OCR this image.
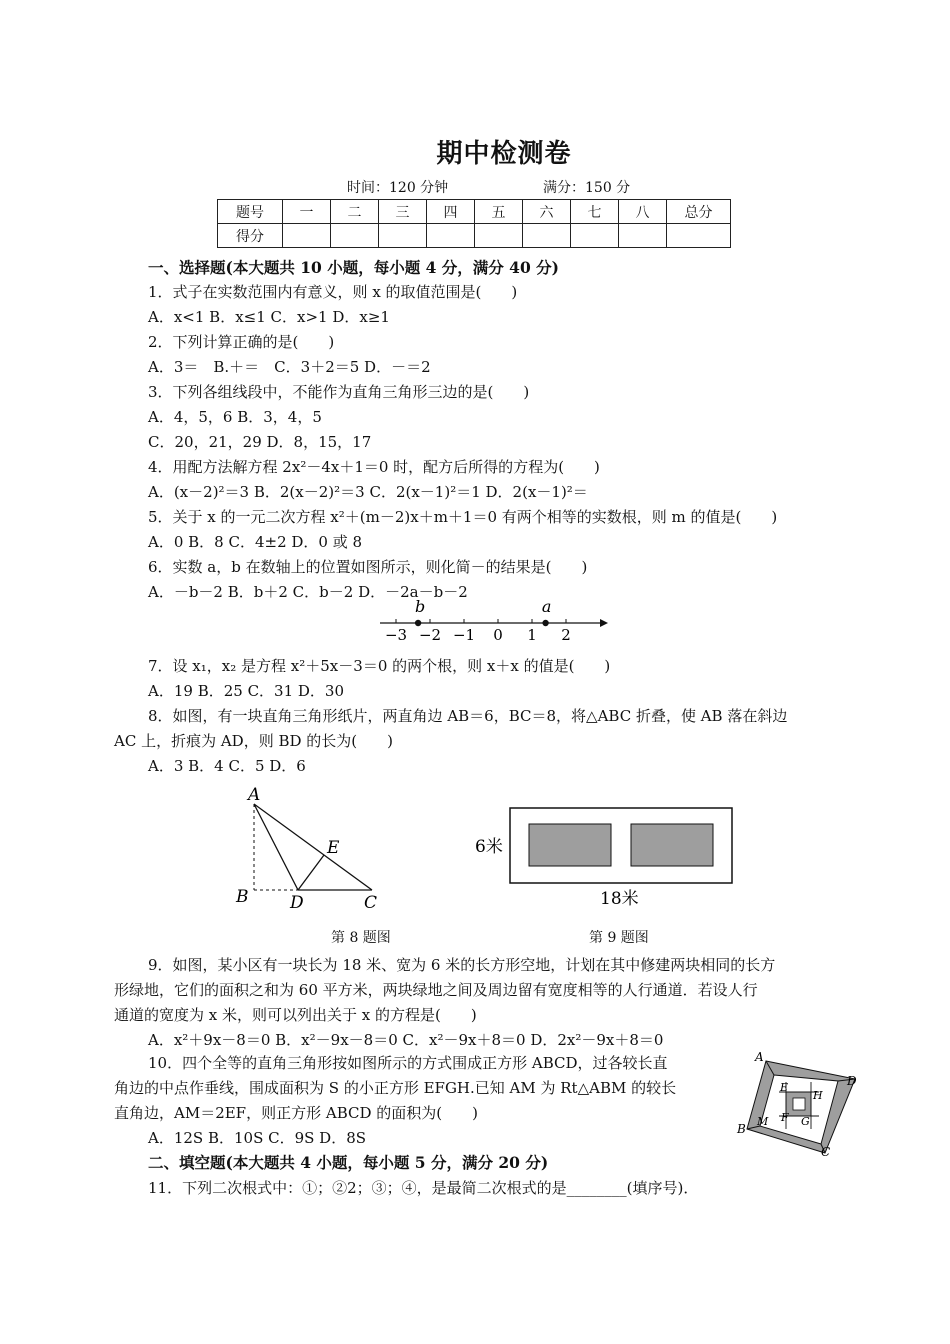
期中检测卷
时间：120 分钟	满分：150 分
题号	一	二	三	四	五	六	七	八	总分
得分									
一、选择题(本大题共 10 小题，每小题 4 分，满分 40 分)
1．式子在实数范围内有意义，则 x 的取值范围是(　　)
A．x<1 B．x≤1 C．x>1 D．x≥1
2．下列计算正确的是(　　)
A．3＝　B.＋＝　C．3＋2＝5 D．－＝2
3．下列各组线段中，不能作为直角三角形三边的是(　　)
A．4，5，6 B．3，4，5
C．20，21，29 D．8，15，17
4．用配方法解方程 2x²－4x＋1＝0 时，配方后所得的方程为(　　)
A．(x－2)²＝3 B．2(x－2)²＝3 C．2(x－1)²＝1 D．2(x－1)²＝
5．关于 x 的一元二次方程 x²＋(m－2)x＋m＋1＝0 有两个相等的实数根，则 m 的值是(　　)
A．0 B．8 C．4±2 D．0 或 8
6．实数 a，b 在数轴上的位置如图所示，则化简－的结果是(　　)
A．－b－2 B．b＋2 C．b－2 D．－2a－b－2
−3 −2 −1 0 1 2
b	a
7．设 x₁，x₂ 是方程 x²＋5x－3＝0 的两个根，则 x＋x 的值是(　　)
A．19 B．25 C．31 D．30
8．如图，有一块直角三角形纸片，两直角边 AB＝6，BC＝8，将△ABC 折叠，使 AB 落在斜边
AC 上，折痕为 AD，则 BD 的长为(　　)
A．3 B．4 C．5 D．6
A
B D	C
E	6米
18米
第 8 题图	第 9 题图
9．如图，某小区有一块长为 18 米、宽为 6 米的长方形空地，计划在其中修建两块相同的长方
形绿地，它们的面积之和为 60 平方米，两块绿地之间及周边留有宽度相等的人行通道．若设人行
通道的宽度为 x 米，则可以列出关于 x 的方程是(　　)
A．x²＋9x－8＝0 B．x²－9x－8＝0 C．x²－9x＋8＝0 D．2x²－9x＋8＝0
10．四个全等的直角三角形按如图所示的方式围成正方形 ABCD，过各较长直
角边的中点作垂线，围成面积为 S 的小正方形 EFGH.已知 AM 为 Rt△ABM 的较长
直角边，AM＝2EF，则正方形 ABCD 的面积为(　　)
A．12S B．10S C．9S D．8S
A
D
B
C
E
H
F G
M
二、填空题(本大题共 4 小题，每小题 5 分，满分 20 分)
11．下列二次根式中：①；②2；③；④，是最简二次根式的是________(填序号)．
